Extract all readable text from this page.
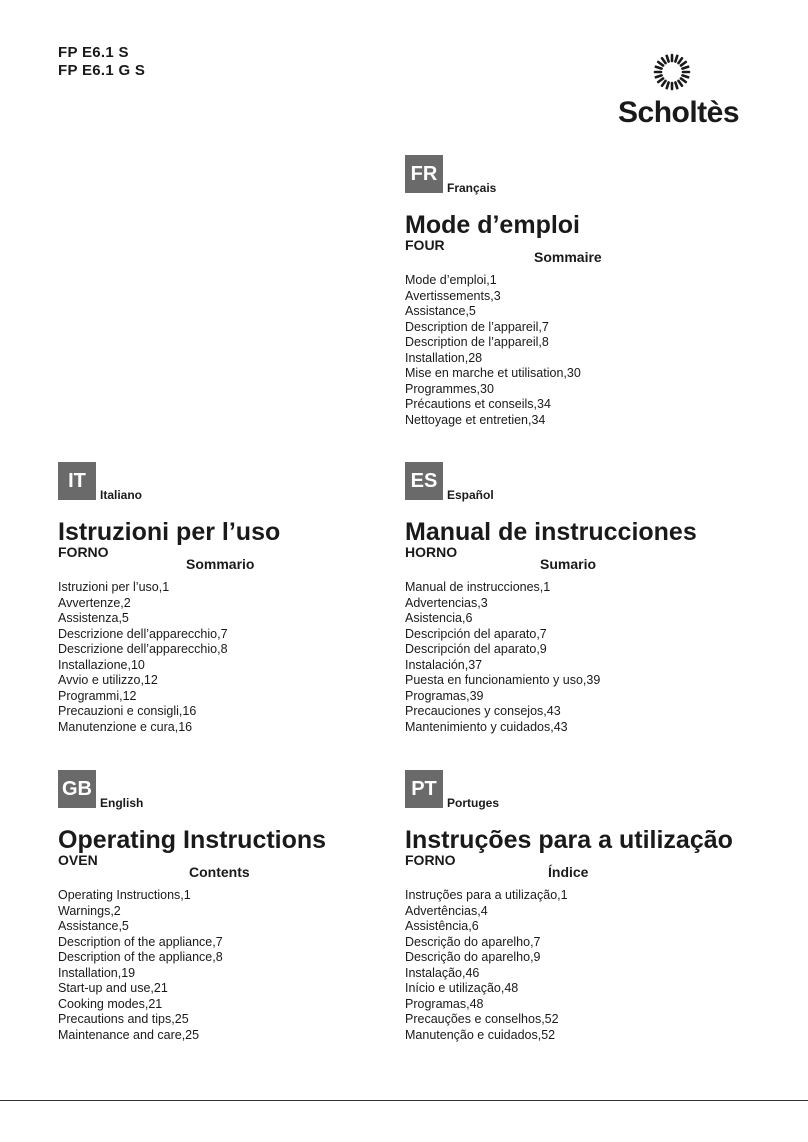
FP E6.1 S
FP E6.1 G S
Scholtès
FR
Français
Mode d’emploi
FOUR
Sommaire
Mode d’emploi,1
Avertissements,3
Assistance,5
Description de l’appareil,7
Description de l’appareil,8
Installation,28
Mise en marche et utilisation,30
Programmes,30
Précautions et conseils,34
Nettoyage et entretien,34
IT
Italiano
Istruzioni per l’uso
FORNO
Sommario
Istruzioni per l’uso,1
Avvertenze,2
Assistenza,5
Descrizione dell’apparecchio,7
Descrizione dell’apparecchio,8
Installazione,10
Avvio e utilizzo,12
Programmi,12
Precauzioni e consigli,16
Manutenzione e cura,16
ES
Español
Manual de instrucciones
HORNO
Sumario
Manual de instrucciones,1
Advertencias,3
Asistencia,6
Descripción del aparato,7
Descripción del aparato,9
Instalación,37
Puesta en funcionamiento y uso,39
Programas,39
Precauciones y consejos,43
Mantenimiento y cuidados,43
GB
English
Operating Instructions
OVEN
Contents
Operating Instructions,1
Warnings,2
Assistance,5
Description of the appliance,7
Description of the appliance,8
Installation,19
Start-up and use,21
Cooking modes,21
Precautions and tips,25
Maintenance and care,25
PT
Portuges
Instruções para a utilização
FORNO
Índice
Instruções para a utilização,1
Advertências,4
Assistência,6
Descrição do aparelho,7
Descrição do aparelho,9
Instalação,46
Início e utilização,48
Programas,48
Precauções e conselhos,52
Manutenção e cuidados,52
